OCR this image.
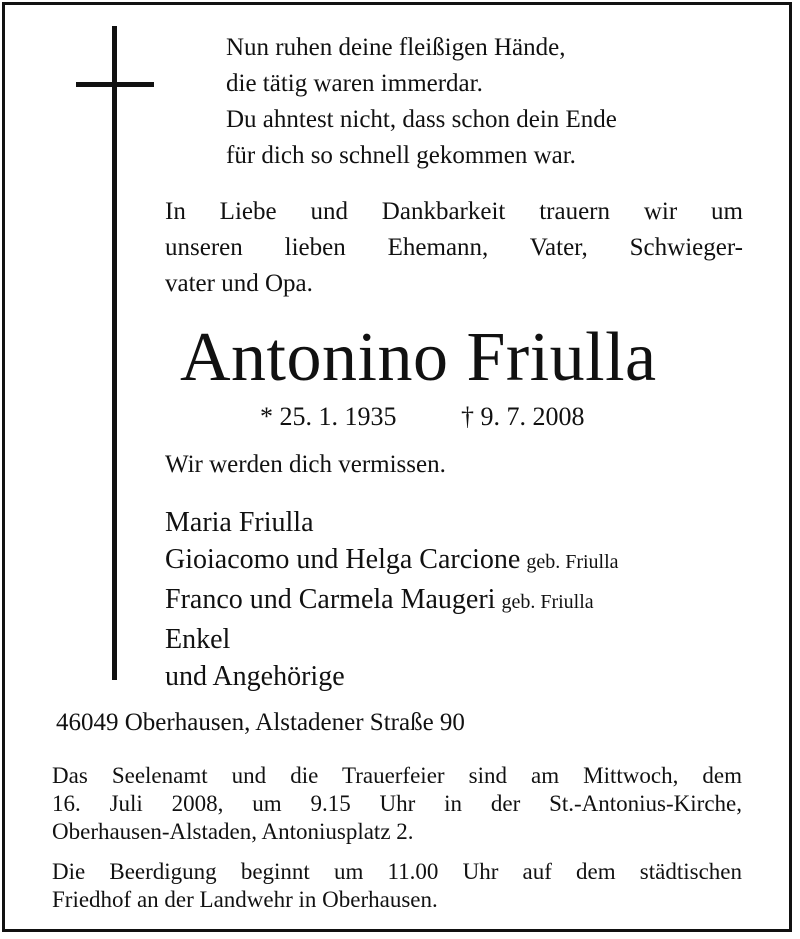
Nun ruhen deine fleißigen Hände,
die tätig waren immerdar.
Du ahntest nicht, dass schon dein Ende
für dich so schnell gekommen war.
In Liebe und Dankbarkeit trauern wir um
unseren lieben Ehemann, Vater, Schwieger-
vater und Opa.
Antonino Friulla
* 25. 1. 1935 † 9. 7. 2008
Wir werden dich vermissen.
Maria Friulla
Gioiacomo und Helga Carcione geb. Friulla
Franco und Carmela Maugeri geb. Friulla
Enkel
und Angehörige
46049 Oberhausen, Alstadener Straße 90
Das Seelenamt und die Trauerfeier sind am Mittwoch, dem
16. Juli 2008, um 9.15 Uhr in der St.-Antonius-Kirche,
Oberhausen-Alstaden, Antoniusplatz 2.
Die Beerdigung beginnt um 11.00 Uhr auf dem städtischen
Friedhof an der Landwehr in Oberhausen.
